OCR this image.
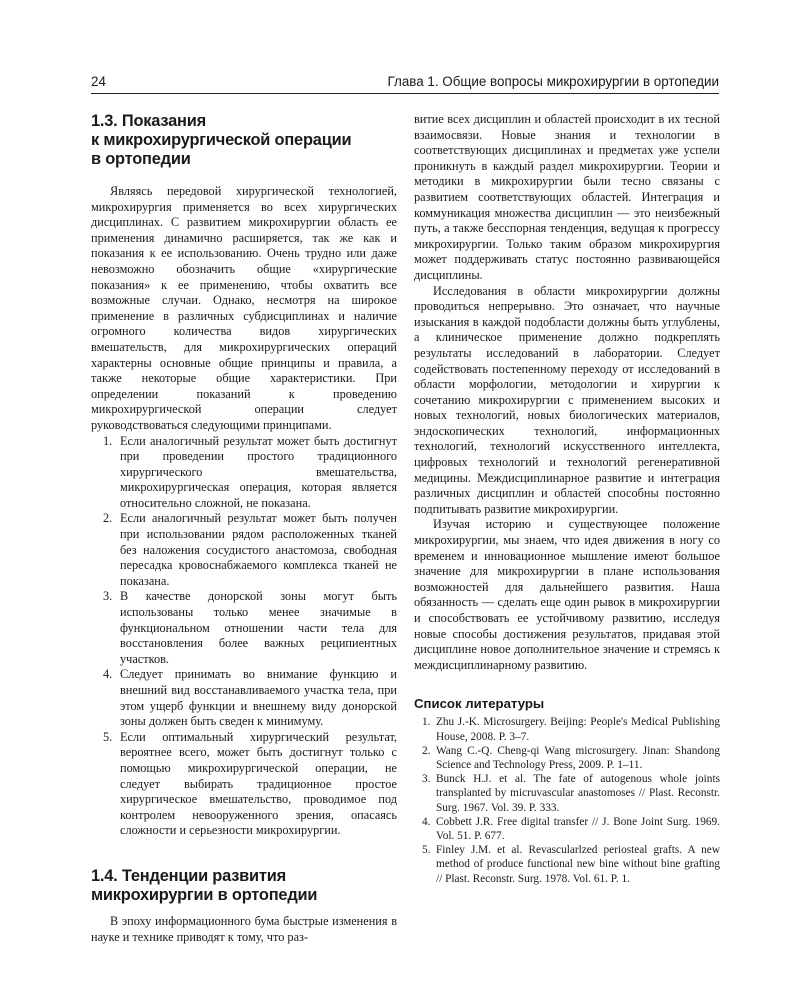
24	Глава 1. Общие вопросы микрохирургии в ортопедии
1.3. Показания
к микрохирургической операции
в ортопедии

Являясь передовой хирургической технологией, микрохирургия применяется во всех хирургических дисциплинах. С развитием микрохирургии область ее применения динамично расширяется, так же как и показания к ее использованию. Очень трудно или даже невозможно обозначить общие «хирургические показания» к ее применению, чтобы охватить все возможные случаи. Однако, несмотря на широкое применение в различных субдисциплинах и наличие огромного количества видов хирургических вмешательств, для микрохирургических операций характерны основные общие принципы и правила, а также некоторые общие характеристики. При определении показаний к проведению микрохирургической операции следует руководствоваться следующими принципами.

1. Если аналогичный результат может быть достигнут при проведении простого традиционного хирургического вмешательства, микрохирургическая операция, которая является относительно сложной, не показана.
2. Если аналогичный результат может быть получен при использовании рядом расположенных тканей без наложения сосудистого анастомоза, свободная пересадка кровоснабжаемого комплекса тканей не показана.
3. В качестве донорской зоны могут быть использованы только менее значимые в функциональном отношении части тела для восстановления более важных реципиентных участков.
4. Следует принимать во внимание функцию и внешний вид восстанавливаемого участка тела, при этом ущерб функции и внешнему виду донорской зоны должен быть сведен к минимуму.
5. Если оптимальный хирургический результат, вероятнее всего, может быть достигнут только с помощью микрохирургической операции, не следует выбирать традиционное простое хирургическое вмешательство, проводимое под контролем невооруженного зрения, опасаясь сложности и серьезности микрохирургии.
1.4. Тенденции развития
микрохирургии в ортопедии

В эпоху информационного бума быстрые изменения в науке и технике приводят к тому, что раз-

витие всех дисциплин и областей происходит в их тесной взаимосвязи. Новые знания и технологии в соответствующих дисциплинах и предметах уже успели проникнуть в каждый раздел микрохирургии. Теории и методики в микрохирургии были тесно связаны с развитием соответствующих областей. Интеграция и коммуникация множества дисциплин — это неизбежный путь, а также бесспорная тенденция, ведущая к прогрессу микрохирургии. Только таким образом микрохирургия может поддерживать статус постоянно развивающейся дисциплины.

Исследования в области микрохирургии должны проводиться непрерывно. Это означает, что научные изыскания в каждой подобласти должны быть углублены, а клиническое применение должно подкреплять результаты исследований в лаборатории. Следует содействовать постепенному переходу от исследований в области морфологии, методологии и хирургии к сочетанию микрохирургии с применением высоких и новых технологий, новых биологических материалов, эндоскопических технологий, информационных технологий, технологий искусственного интеллекта, цифровых технологий и технологий регенеративной медицины. Междисциплинарное развитие и интеграция различных дисциплин и областей способны постоянно подпитывать развитие микрохирургии.

Изучая историю и существующее положение микрохирургии, мы знаем, что идея движения в ногу со временем и инновационное мышление имеют большое значение для микрохирургии в плане использования возможностей для дальнейшего развития. Наша обязанность — сделать еще один рывок в микрохирургии и способствовать ее устойчивому развитию, исследуя новые способы достижения результатов, придавая этой дисциплине новое дополнительное значение и стремясь к междисциплинарному развитию.

Список литературы
1. Zhu J.-K. Microsurgery. Beijing: People's Medical Publishing House, 2008. P. 3–7.
2. Wang C.-Q. Cheng-qi Wang microsurgery. Jinan: Shandong Science and Technology Press, 2009. P. 1–11.
3. Bunck H.J. et al. The fate of autogenous whole joints transplanted by micruvascular anastomoses // Plast. Reconstr. Surg. 1967. Vol. 39. P. 333.
4. Cobbett J.R. Free digital transfer // J. Bone Joint Surg. 1969. Vol. 51. P. 677.
5. Finley J.M. et al. Revascularlzed periosteal grafts. A new method of produce functional new bine without bine grafting // Plast. Reconstr. Surg. 1978. Vol. 61. P. 1.
